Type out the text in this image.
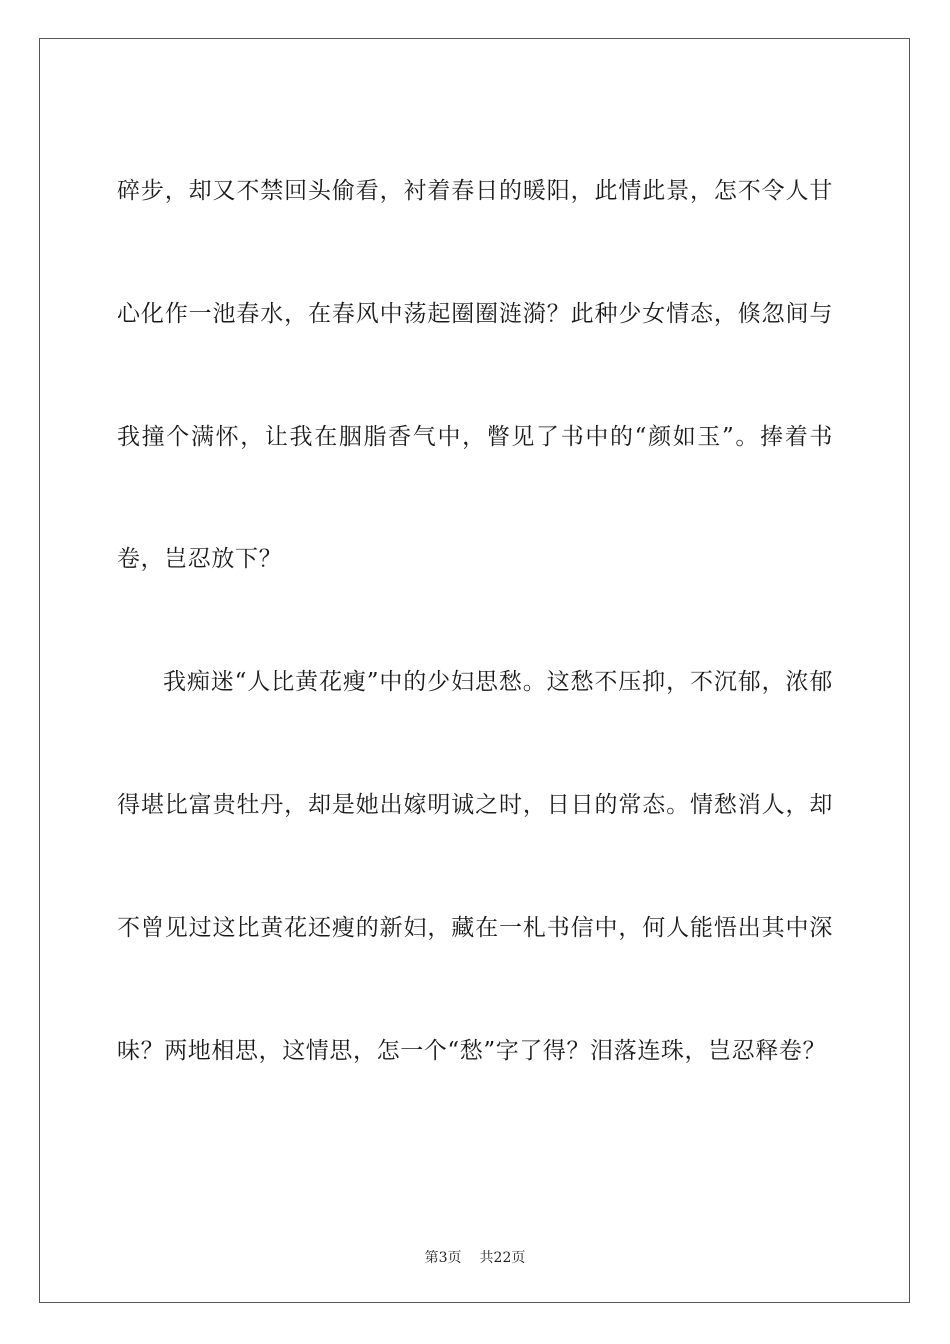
碎步，却又不禁回头偷看，衬着春日的暖阳，此情此景，怎不令人甘心化作一池春水，在春风中荡起圈圈涟漪？此种少女情态，倏忽间与我撞个满怀，让我在胭脂香气中，瞥见了书中的“颜如玉”。捧着书卷，岂忍放下？

我痴迷“人比黄花瘦”中的少妇思愁。这愁不压抑，不沉郁，浓郁得堪比富贵牡丹，却是她出嫁明诚之时，日日的常态。情愁消人，却不曾见过这比黄花还瘦的新妇，藏在一札书信中，何人能悟出其中深味？两地相思，这情思，怎一个“愁”字了得？泪落连珠，岂忍释卷？

第3页 共22页
